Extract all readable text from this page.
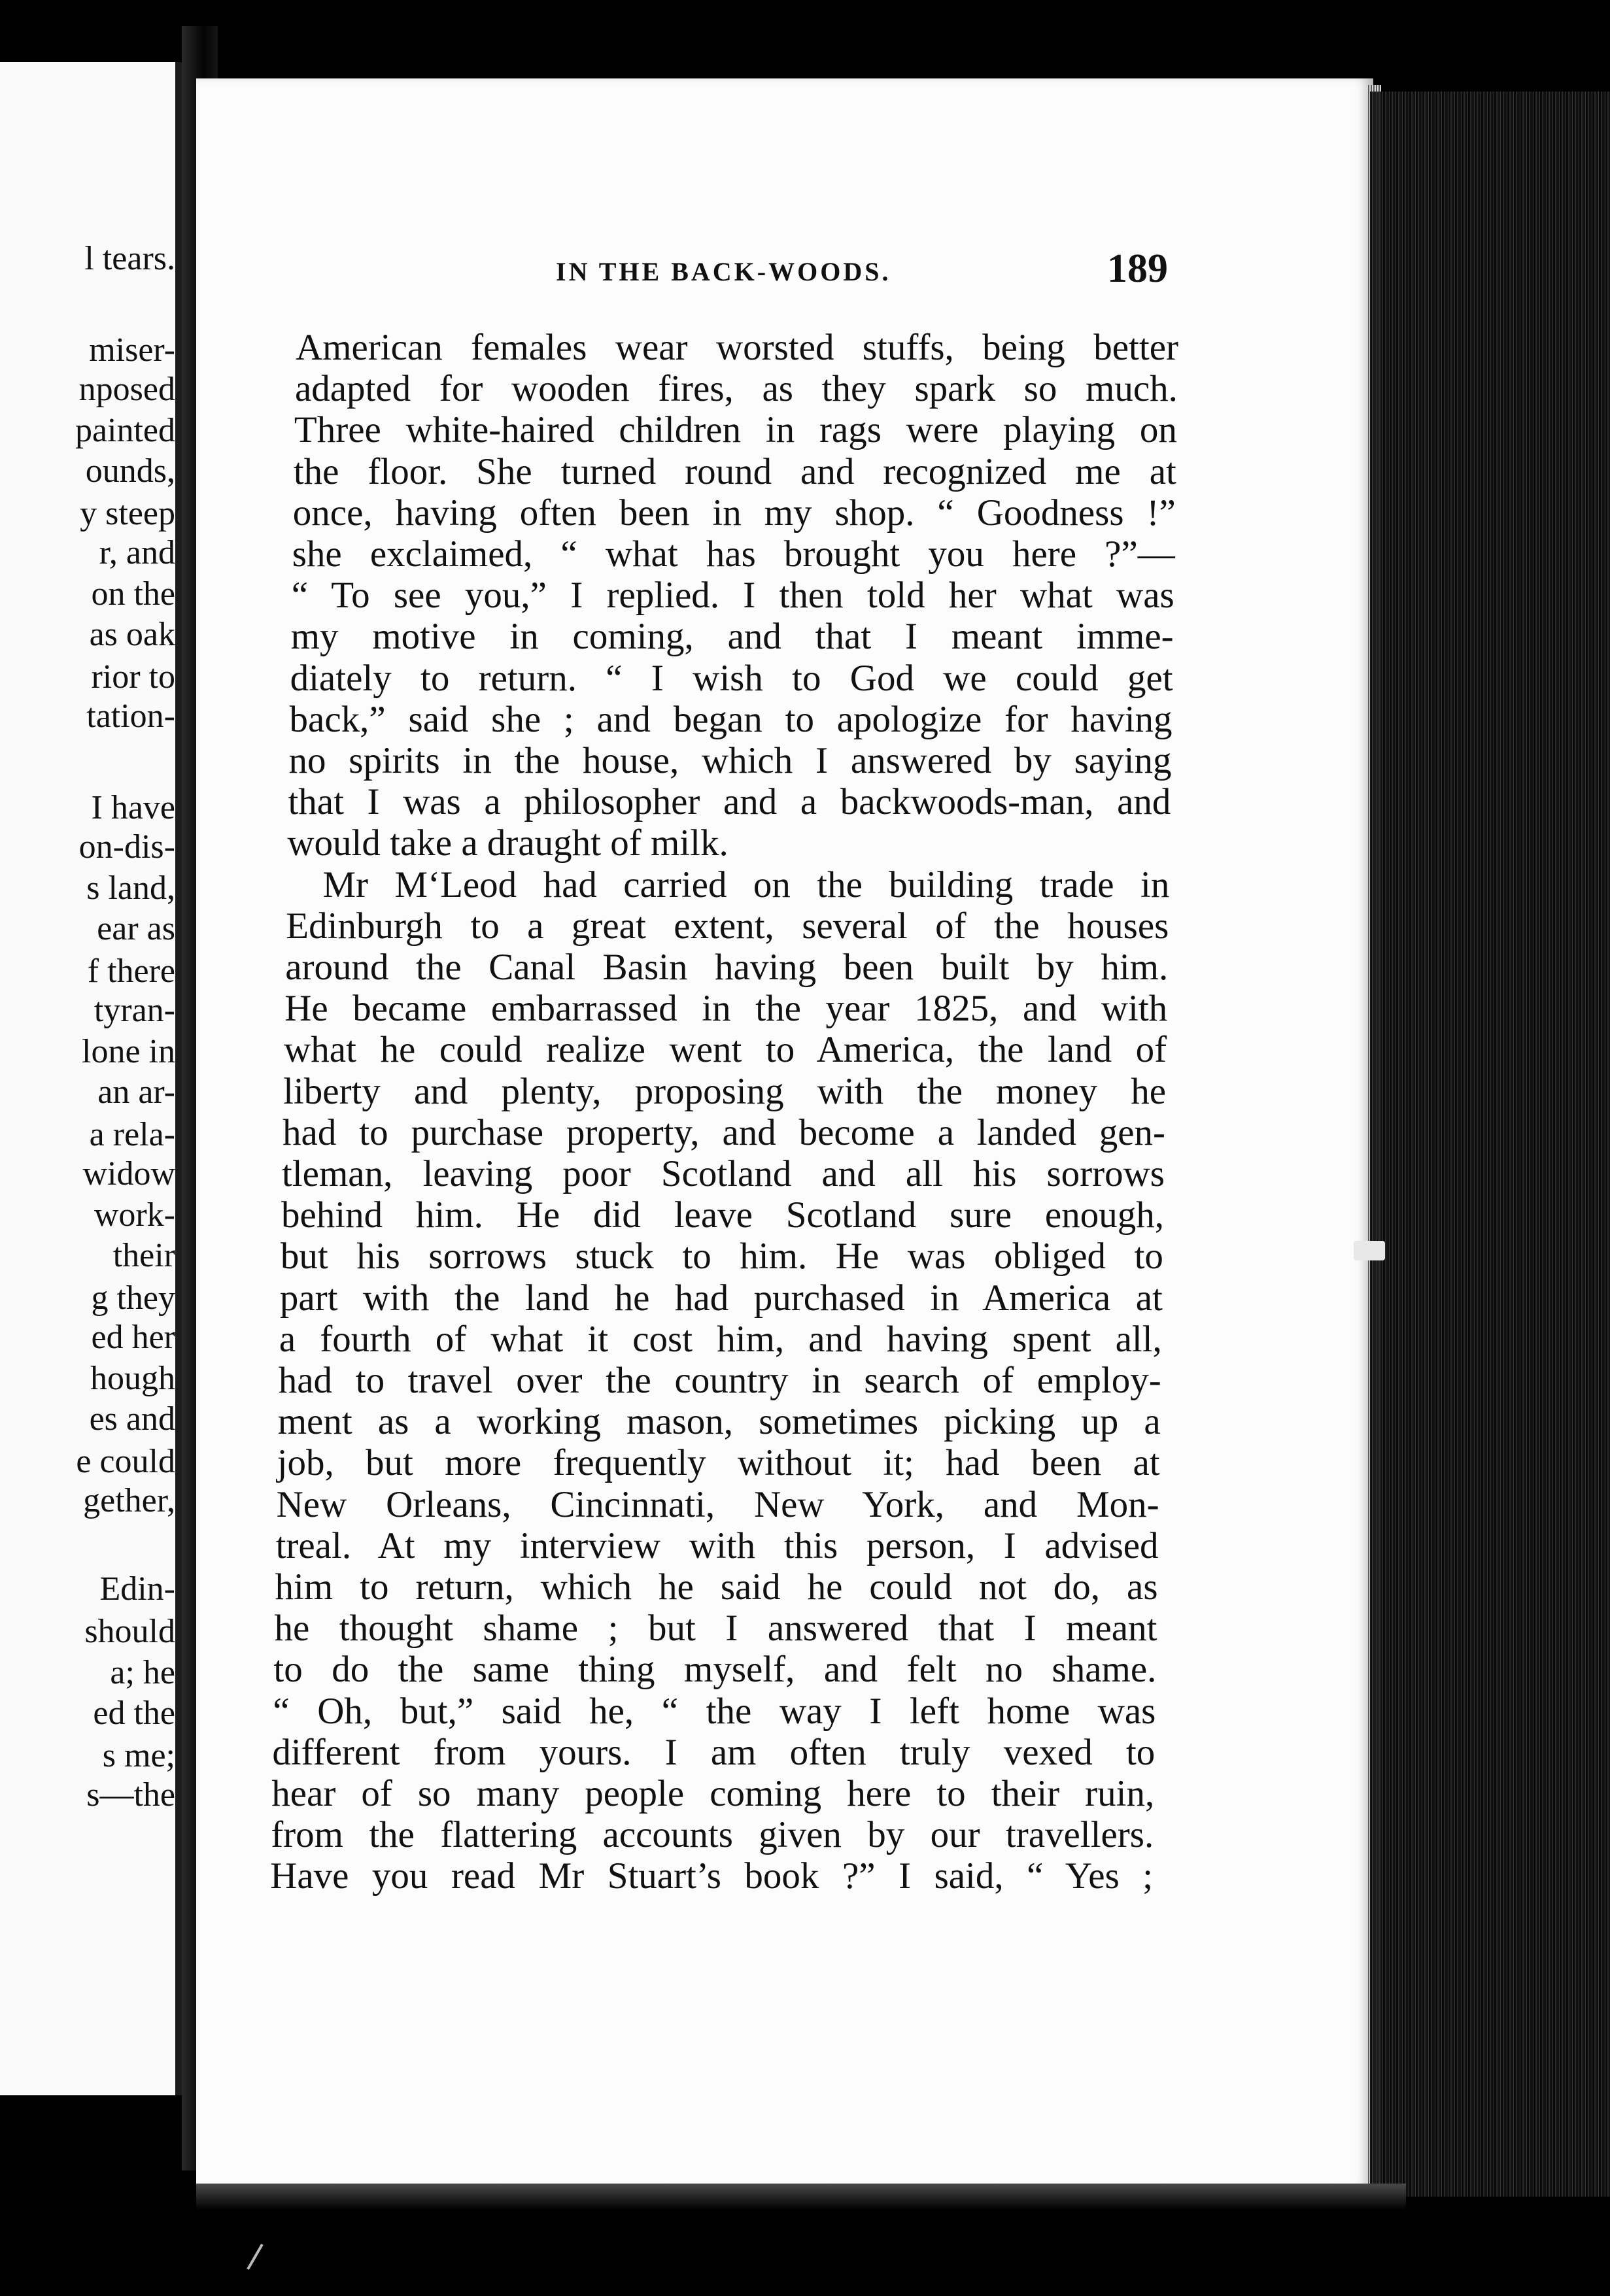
l tears.
miser-
nposed
painted
ounds,
y steep
r, and
on the
as oak
rior to
tation-
I have
on-dis-
s land,
ear as
f there
tyran-
lone in
an ar-
a rela-
widow
work-
their
g they
ed her
hough
es and
e could
gether,
Edin-
should
a; he
ed the
s me;
s—the
IN THE BACK-WOODS.	189
American females wear worsted stuffs, being better
adapted for wooden fires, as they spark so much.
Three white-haired children in rags were playing on
the floor. She turned round and recognized me at
once, having often been in my shop. “ Goodness !”
she exclaimed, “ what has brought you here ?”—
“ To see you,” I replied. I then told her what was
my motive in coming, and that I meant imme-
diately to return. “ I wish to God we could get
back,” said she ; and began to apologize for having
no spirits in the house, which I answered by saying
that I was a philosopher and a backwoods-man, and
would take a draught of milk.
Mr M‘Leod had carried on the building trade in
Edinburgh to a great extent, several of the houses
around the Canal Basin having been built by him.
He became embarrassed in the year 1825, and with
what he could realize went to America, the land of
liberty and plenty, proposing with the money he
had to purchase property, and become a landed gen-
tleman, leaving poor Scotland and all his sorrows
behind him. He did leave Scotland sure enough,
but his sorrows stuck to him. He was obliged to
part with the land he had purchased in America at
a fourth of what it cost him, and having spent all,
had to travel over the country in search of employ-
ment as a working mason, sometimes picking up a
job, but more frequently without it; had been at
New Orleans, Cincinnati, New York, and Mon-
treal. At my interview with this person, I advised
him to return, which he said he could not do, as
he thought shame ; but I answered that I meant
to do the same thing myself, and felt no shame.
“ Oh, but,” said he, “ the way I left home was
different from yours. I am often truly vexed to
hear of so many people coming here to their ruin,
from the flattering accounts given by our travellers.
Have you read Mr Stuart’s book ?” I said, “ Yes ;
